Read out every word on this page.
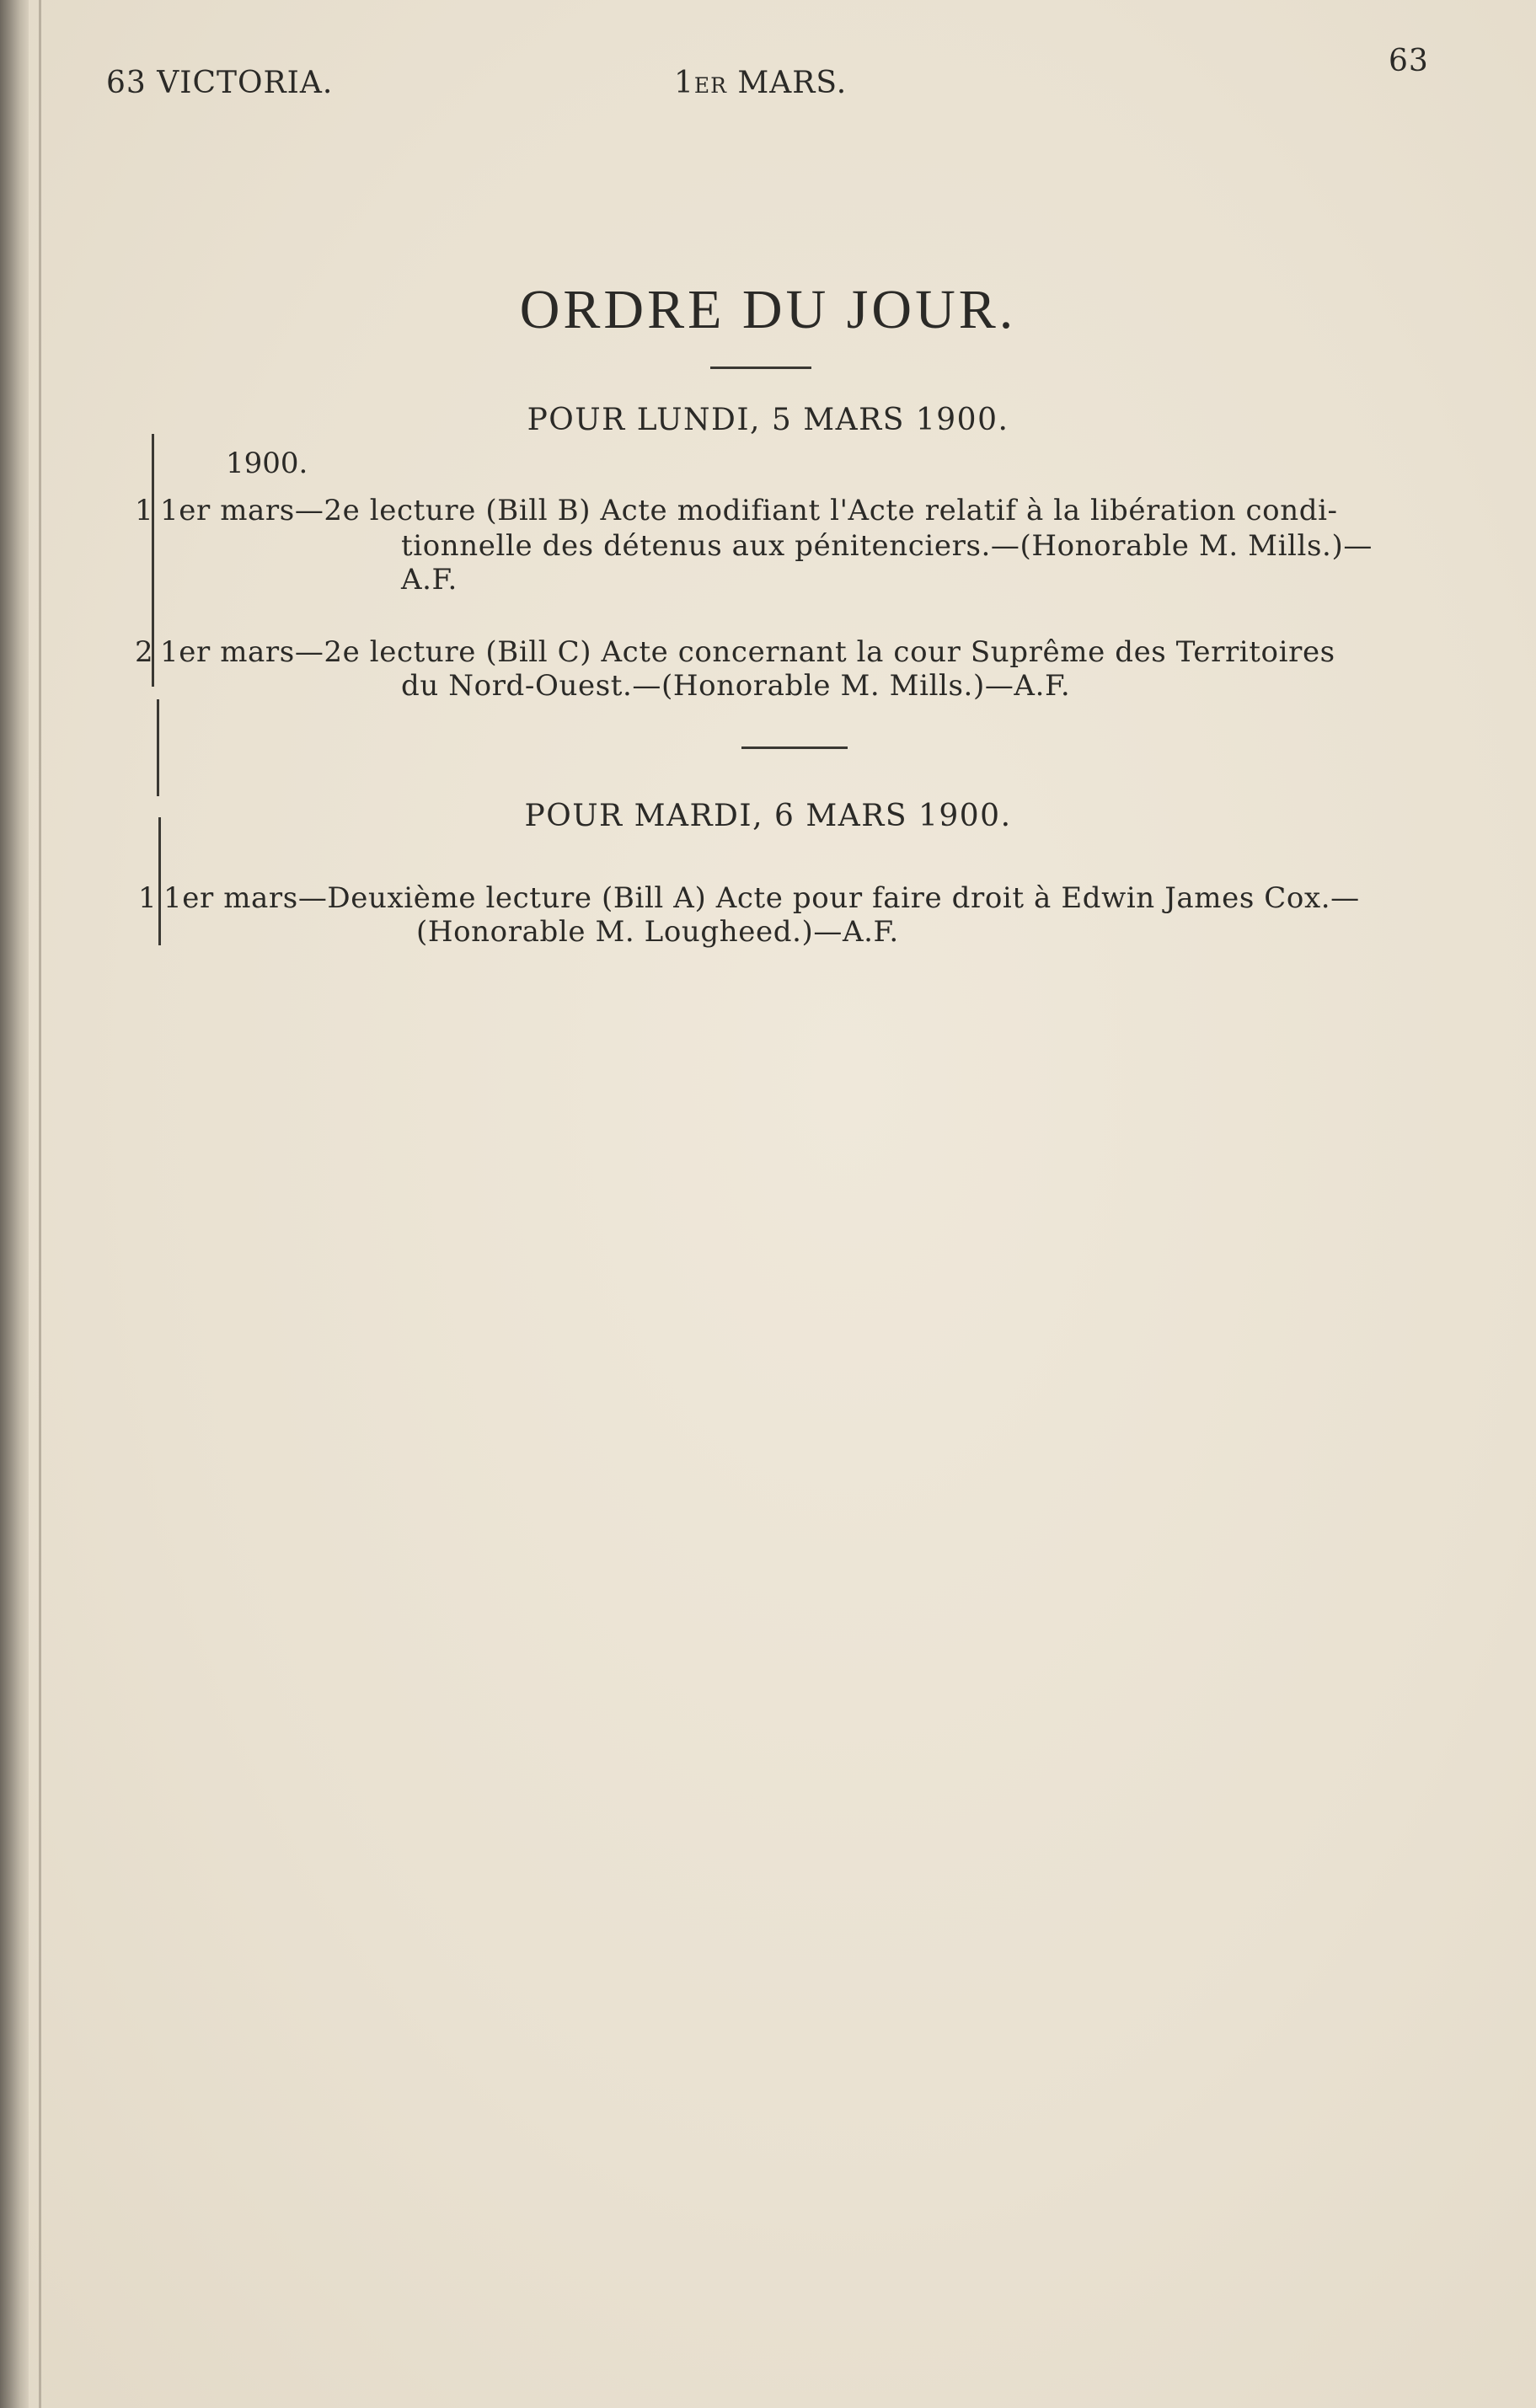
63 VICTORIA.	1er MARS.
63
ORDRE DU JOUR.
POUR LUNDI, 5 MARS 1900.
1900.
1 1er mars—2e lecture (Bill B) Acte modifiant l'Acte relatif à la libération condi-
tionnelle des détenus aux pénitenciers.—(Honorable M. Mills.)—
A.F.
2 1er mars—2e lecture (Bill C) Acte concernant la cour Suprême des Territoires
du Nord-Ouest.—(Honorable M. Mills.)—A.F.
POUR MARDI, 6 MARS 1900.
1 1er mars—Deuxième lecture (Bill A) Acte pour faire droit à Edwin James Cox.—
(Honorable M. Lougheed.)—A.F.
